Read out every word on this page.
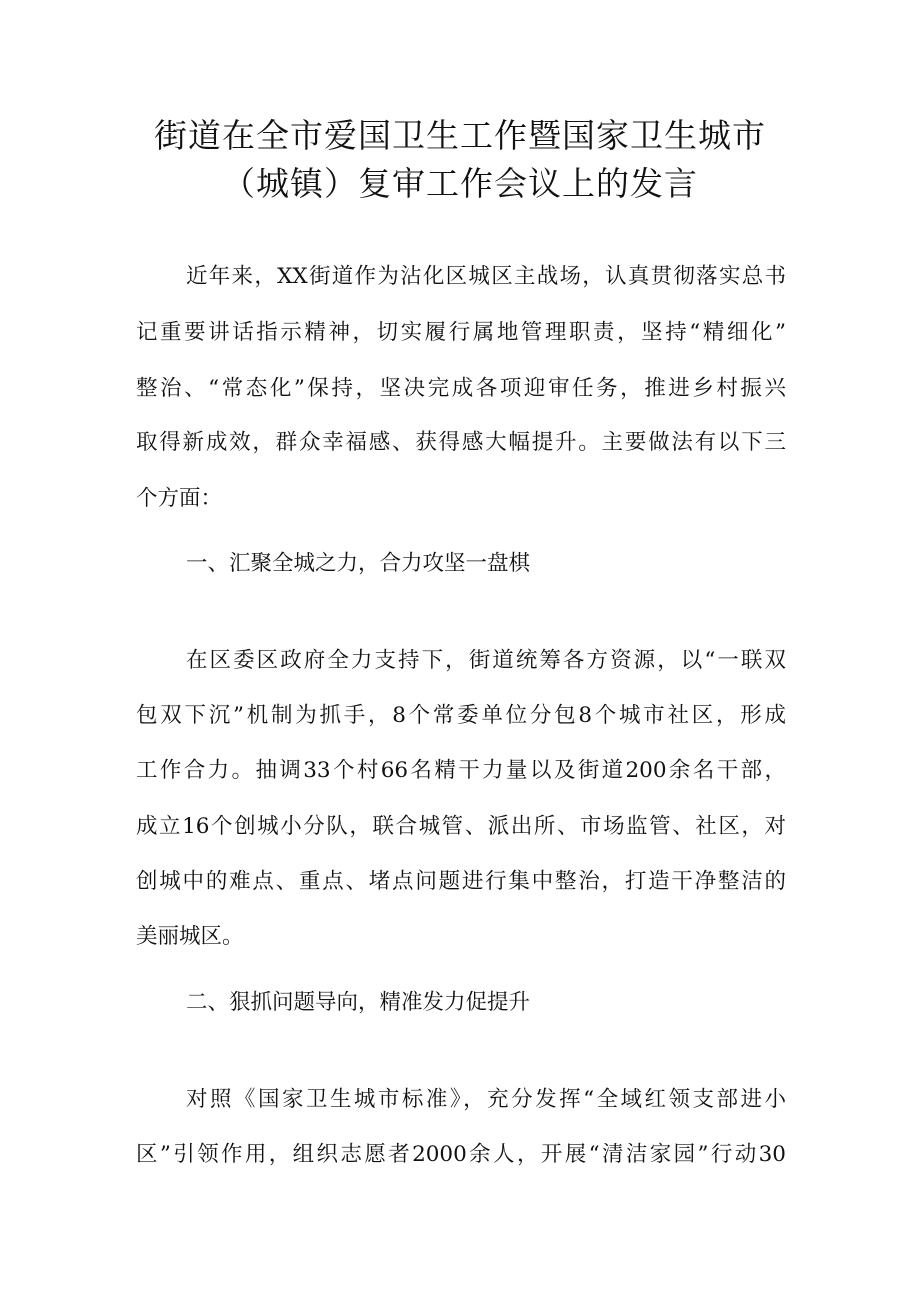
街道在全市爱国卫生工作暨国家卫生城市
（城镇）复审工作会议上的发言
近年来，XX街道作为沾化区城区主战场，认真贯彻落实总书
记重要讲话指示精神，切实履行属地管理职责，坚持“精细化”
整治、“常态化”保持，坚决完成各项迎审任务，推进乡村振兴
取得新成效，群众幸福感、获得感大幅提升。主要做法有以下三
个方面：
一、汇聚全城之力，合力攻坚一盘棋
在区委区政府全力支持下，街道统筹各方资源，以“一联双
包双下沉”机制为抓手，8个常委单位分包8个城市社区，形成
工作合力。抽调33个村66名精干力量以及街道200余名干部，
成立16个创城小分队，联合城管、派出所、市场监管、社区，对
创城中的难点、重点、堵点问题进行集中整治，打造干净整洁的
美丽城区。
二、狠抓问题导向，精准发力促提升
对照《国家卫生城市标准》，充分发挥“全域红领支部进小
区”引领作用，组织志愿者2000余人，开展“清洁家园”行动30
